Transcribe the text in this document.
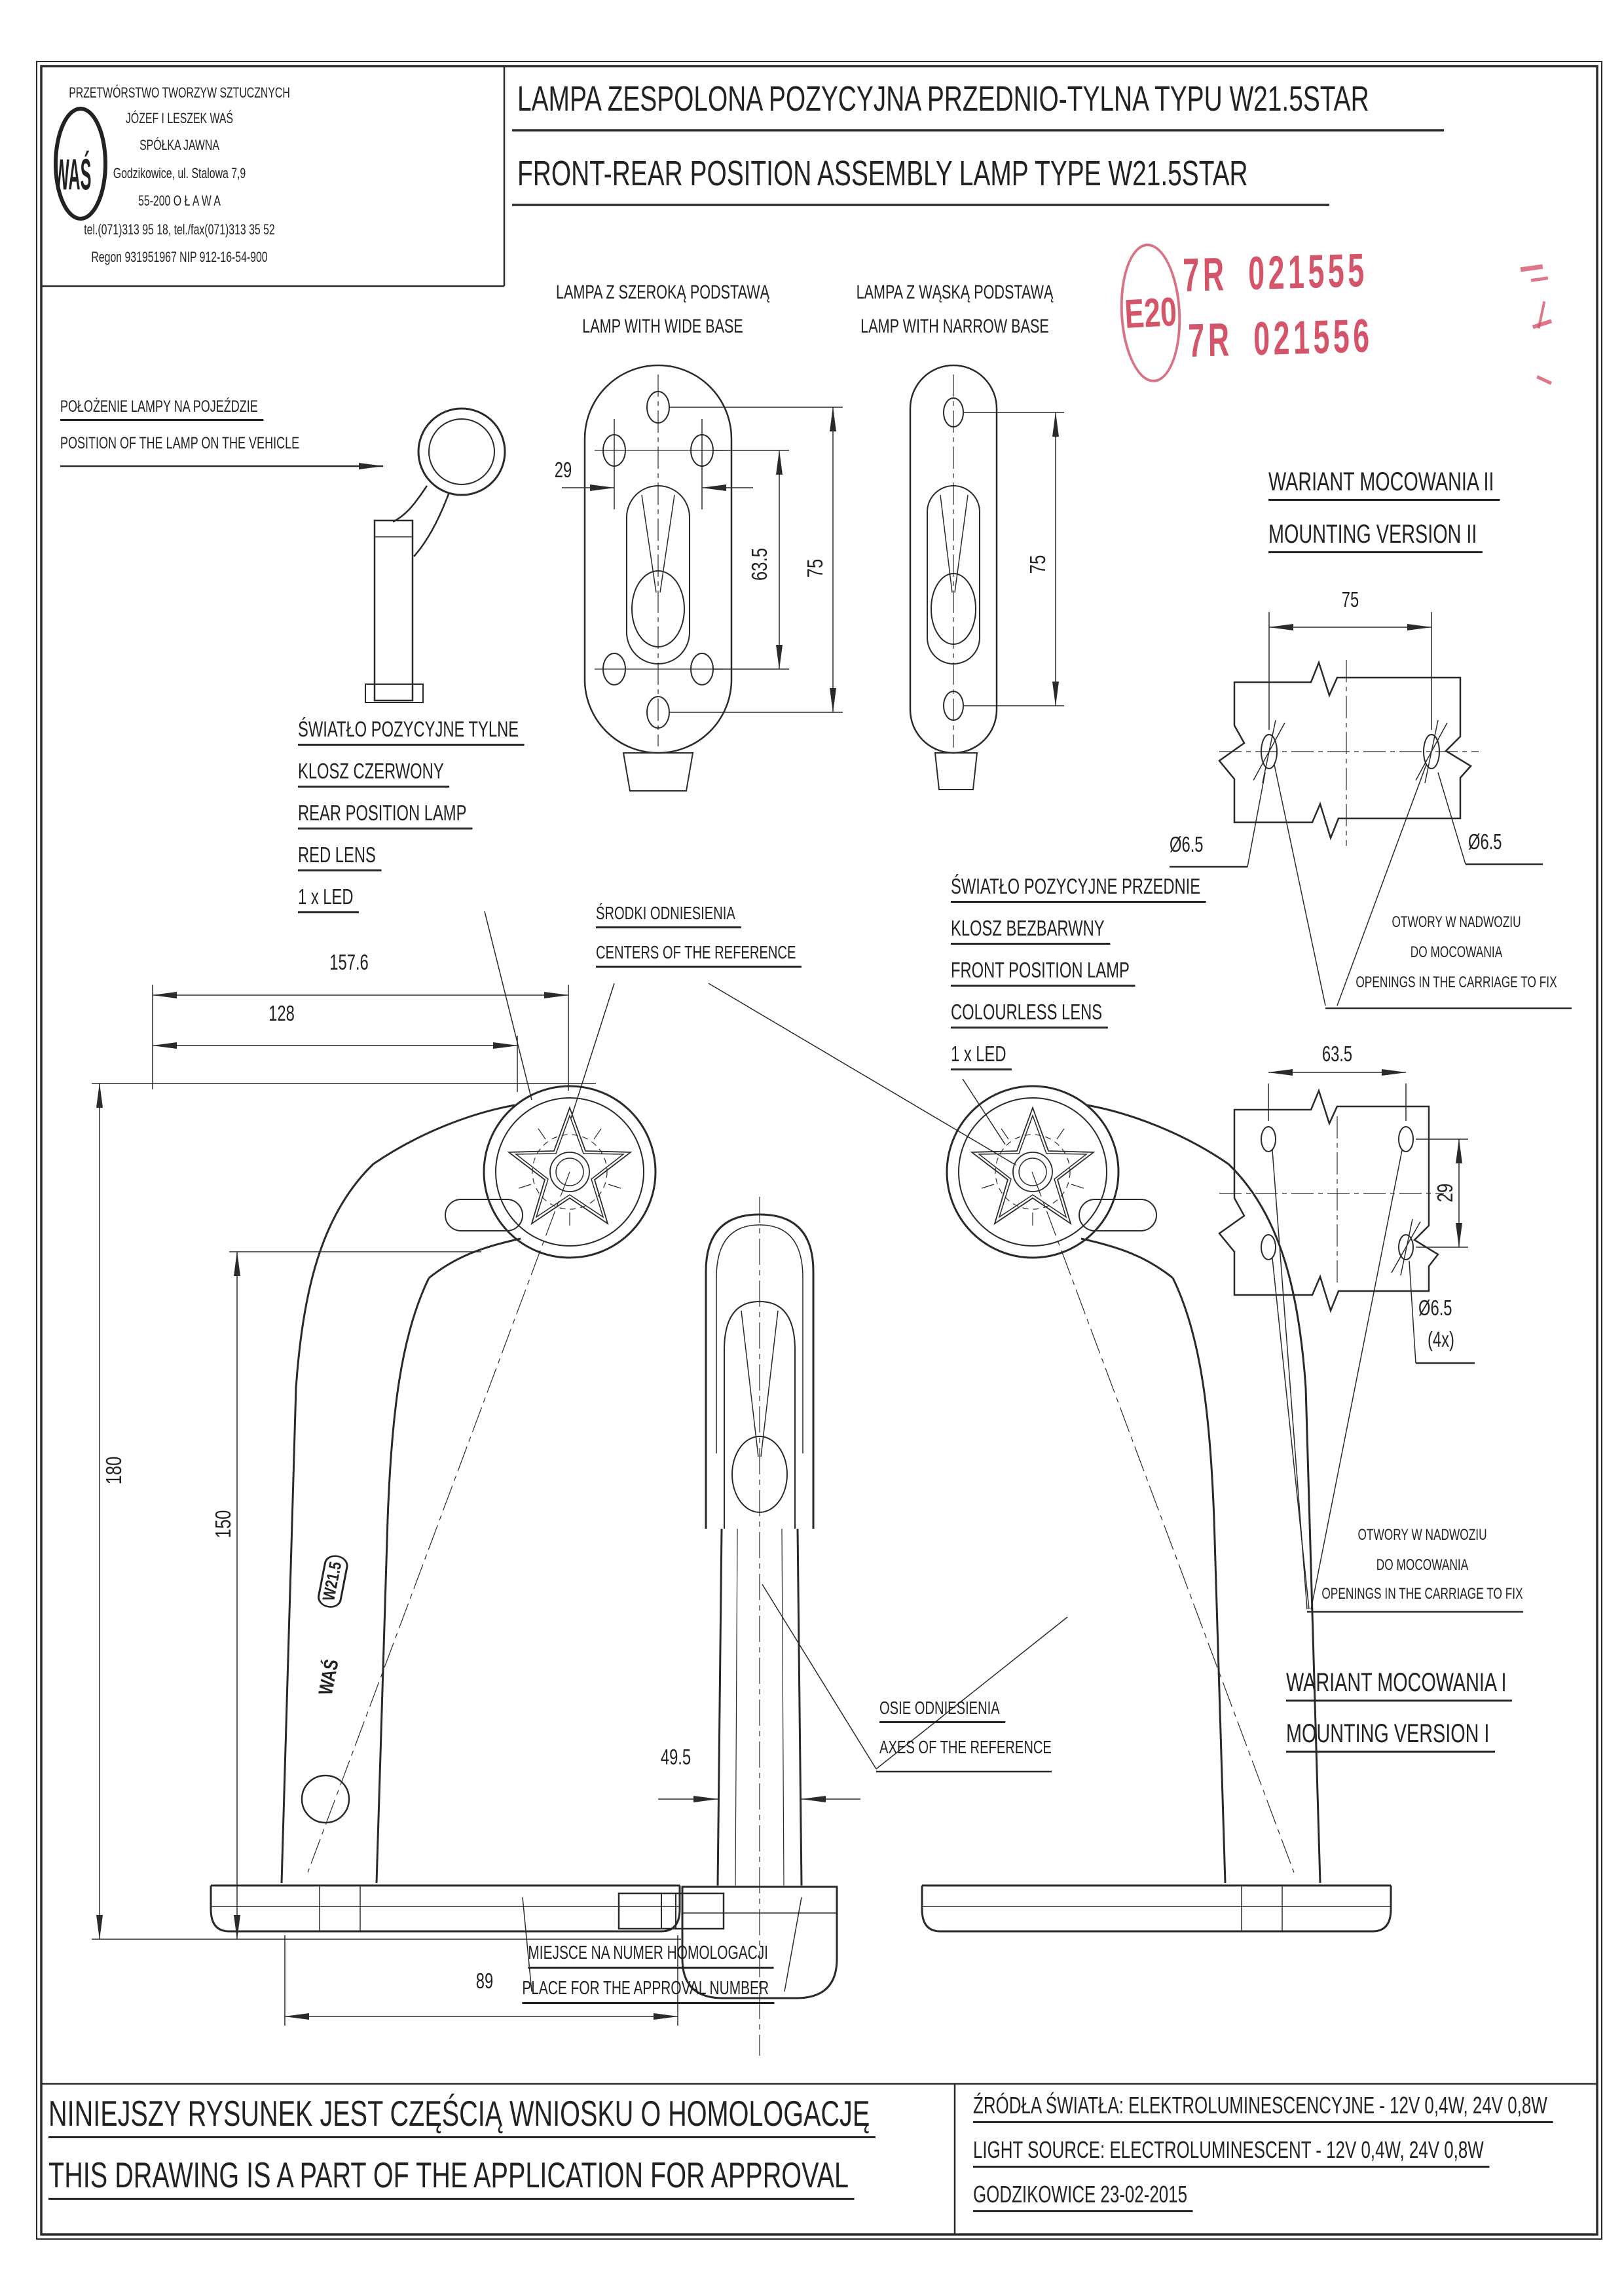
PRZETWÓRSTWO TWORZYW SZTUCZNYCH
JÓZEF I LESZEK WAŚ
SPÓŁKA JAWNA
Godzikowice, ul. Stalowa 7,9
55-200 O Ł A W A
tel.(071)313 95 18, tel./fax(071)313 35 52
Regon 931951967 NIP 912-16-54-900
WAŚ
LAMPA ZESPOLONA POZYCYJNA PRZEDNIO-TYLNA TYPU W21.5STAR
FRONT-REAR POSITION ASSEMBLY LAMP TYPE W21.5STAR
E20
7R 021555
7R 021556
LAMPA Z SZEROKĄ PODSTAWĄ
LAMP WITH WIDE BASE
LAMPA Z WĄSKĄ PODSTAWĄ
LAMP WITH NARROW BASE
POŁOŻENIE LAMPY NA POJEŹDZIE
POSITION OF THE LAMP ON THE VEHICLE
WARIANT MOCOWANIA II
MOUNTING VERSION II
WARIANT MOCOWANIA I
MOUNTING VERSION I
ŚWIATŁO POZYCYJNE TYLNE
KLOSZ CZERWONY
REAR POSITION LAMP
RED LENS
1 x LED	ŚWIATŁO POZYCYJNE PRZEDNIE
KLOSZ BEZBARWNY
FRONT POSITION LAMP
COLOURLESS LENS
1 x LED
ŚRODKI ODNIESIENIA
CENTERS OF THE REFERENCE
OSIE ODNIESIENIA
AXES OF THE REFERENCE
MIEJSCE NA NUMER HOMOLOGACJI
PLACE FOR THE APPROVAL NUMBER
OTWORY W NADWOZIU
DO MOCOWANIA
OPENINGS IN THE CARRIAGE TO FIX
OTWORY W NADWOZIU
DO MOCOWANIA
OPENINGS IN THE CARRIAGE TO FIX
29
63.5 75	75
75
Ø6.5	Ø6.5
63.5
29
Ø6.5
(4x)
157.6
128
180
150
89
49.5
WAŚ
W21.5
NINIEJSZY RYSUNEK JEST CZĘŚCIĄ WNIOSKU O HOMOLOGACJĘ
THIS DRAWING IS A PART OF THE APPLICATION FOR APPROVAL
ŹRÓDŁA ŚWIATŁA: ELEKTROLUMINESCENCYJNE - 12V 0,4W, 24V 0,8W
LIGHT SOURCE: ELECTROLUMINESCENT - 12V 0,4W, 24V 0,8W
GODZIKOWICE 23-02-2015
